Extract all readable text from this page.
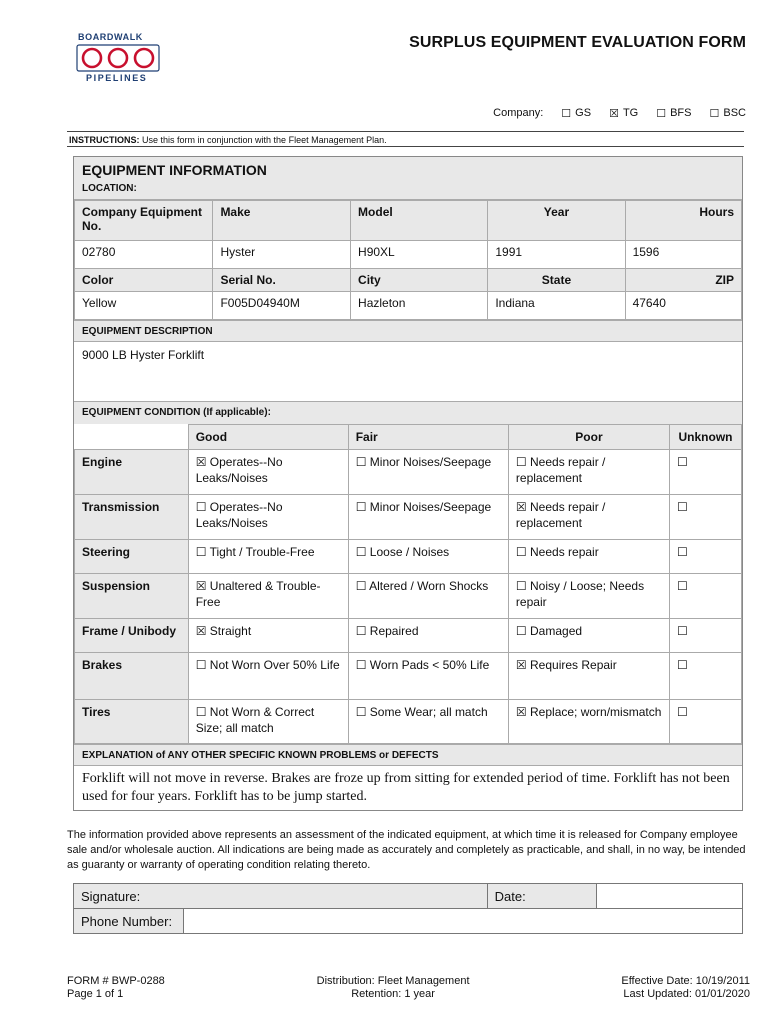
BOARDWALK
PIPELINES
SURPLUS EQUIPMENT EVALUATION FORM
Company: ☐ GS ☒ TG ☐ BFS ☐ BSC
INSTRUCTIONS: Use this form in conjunction with the Fleet Management Plan.
EQUIPMENT INFORMATION
LOCATION:
Company Equipment No.	Make	Model	Year	Hours
02780	Hyster	H90XL	1991	1596
Color	Serial No.	City	State	ZIP
Yellow	F005D04940M	Hazleton	Indiana	47640
EQUIPMENT DESCRIPTION
9000 LB Hyster Forklift
EQUIPMENT CONDITION (If applicable):
	Good	Fair	Poor	Unknown
Engine	☒ Operates--No Leaks/Noises	☐ Minor Noises/Seepage	☐ Needs repair / replacement	☐
Transmission	☐ Operates--No Leaks/Noises	☐ Minor Noises/Seepage	☒ Needs repair / replacement	☐
Steering	☐ Tight / Trouble-Free	☐ Loose / Noises	☐ Needs repair	☐
Suspension	☒ Unaltered & Trouble-Free	☐ Altered / Worn Shocks	☐ Noisy / Loose; Needs repair	☐
Frame / Unibody	☒ Straight	☐ Repaired	☐ Damaged	☐
Brakes	☐ Not Worn Over 50% Life	☐ Worn Pads < 50% Life	☒ Requires Repair	☐
Tires	☐ Not Worn & Correct Size; all match	☐ Some Wear; all match	☒ Replace; worn/mismatch	☐
EXPLANATION of ANY OTHER SPECIFIC KNOWN PROBLEMS or DEFECTS
Forklift will not move in reverse. Brakes are froze up from sitting for extended period of time. Forklift has not been used for four years. Forklift has to be jump started.
The information provided above represents an assessment of the indicated equipment, at which time it is released for Company employee sale and/or wholesale auction. All indications are being made as accurately and completely as practicable, and shall, in no way, be intended as guaranty or warranty of operating condition relating thereto.
Signature:		Date:	
Phone Number:			
FORM # BWP-0288
Page 1 of 1
Distribution: Fleet Management
Retention: 1 year
Effective Date: 10/19/2011
Last Updated: 01/01/2020
